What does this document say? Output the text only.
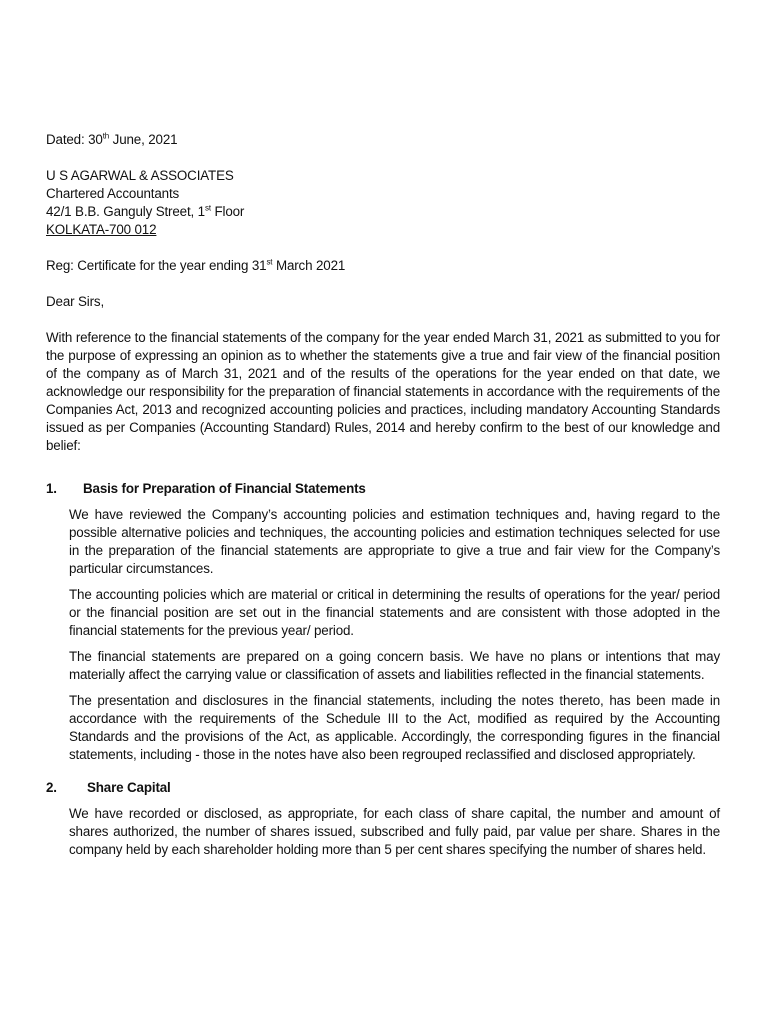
Dated: 30th June, 2021
U S AGARWAL & ASSOCIATES
Chartered Accountants
42/1 B.B. Ganguly Street, 1st Floor
KOLKATA-700 012
Reg: Certificate for the year ending 31st March 2021
Dear Sirs,

With reference to the financial statements of the company for the year ended March 31, 2021 as submitted to you for the purpose of expressing an opinion as to whether the statements give a true and fair view of the financial position of the company as of March 31, 2021 and of the results of the operations for the year ended on that date, we acknowledge our responsibility for the preparation of financial statements in accordance with the requirements of the Companies Act, 2013 and recognized accounting policies and practices, including mandatory Accounting Standards issued as per Companies (Accounting Standard) Rules, 2014 and hereby confirm to the best of our knowledge and belief:

1.	Basis for Preparation of Financial Statements

We have reviewed the Company’s accounting policies and estimation techniques and, having regard to the possible alternative policies and techniques, the accounting policies and estimation techniques selected for use in the preparation of the financial statements are appropriate to give a true and fair view for the Company’s particular circumstances.

The accounting policies which are material or critical in determining the results of operations for the year/ period or the financial position are set out in the financial statements and are consistent with those adopted in the financial statements for the previous year/ period.

The financial statements are prepared on a going concern basis. We have no plans or intentions that may materially affect the carrying value or classification of assets and liabilities reflected in the financial statements.

The presentation and disclosures in the financial statements, including the notes thereto, has been made in accordance with the requirements of the Schedule III to the Act, modified as required by the Accounting Standards and the provisions of the Act, as applicable. Accordingly, the corresponding figures in the financial statements, including - those in the notes have also been regrouped reclassified and disclosed appropriately.

2.	Share Capital

We have recorded or disclosed, as appropriate, for each class of share capital, the number and amount of shares authorized, the number of shares issued, subscribed and fully paid, par value per share. Shares in the company held by each shareholder holding more than 5 per cent shares specifying the number of shares held.
